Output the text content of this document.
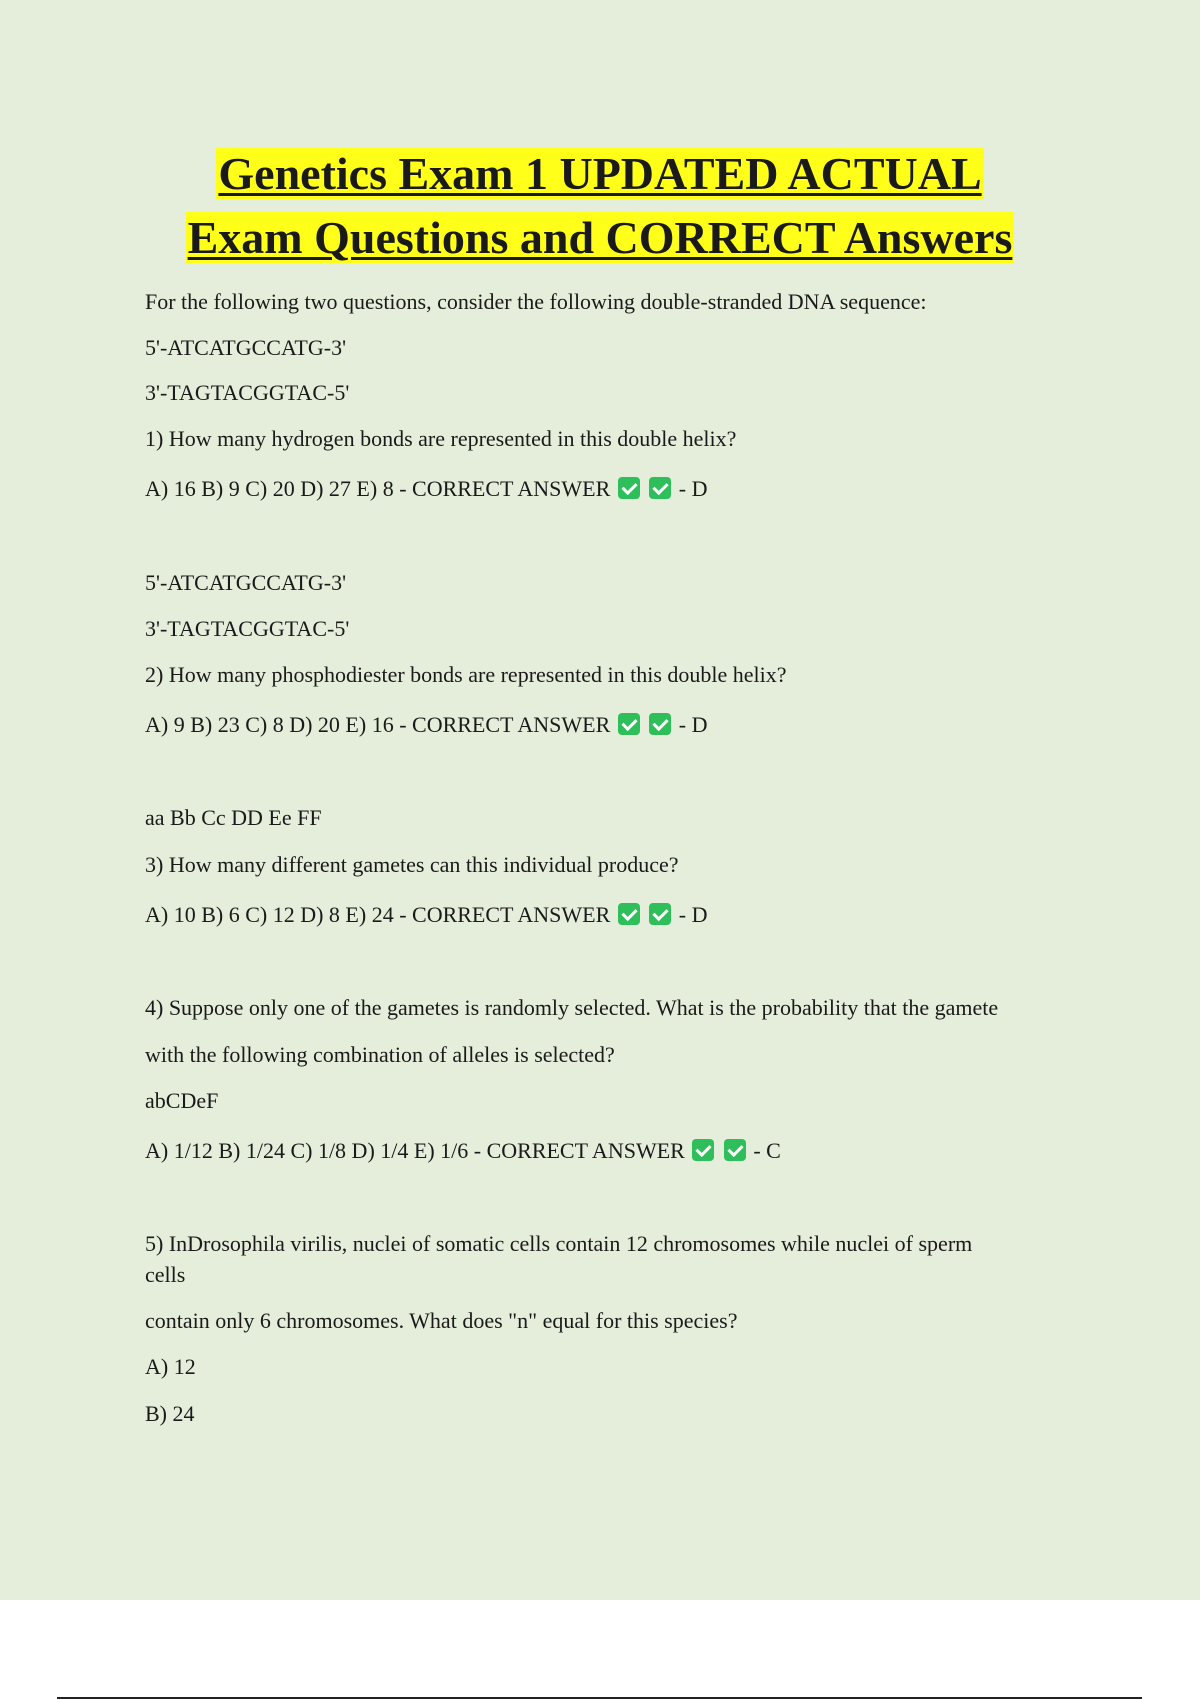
Genetics Exam 1 UPDATED ACTUAL
Exam Questions and CORRECT Answers
For the following two questions, consider the following double-stranded DNA sequence:
5'-ATCATGCCATG-3'
3'-TAGTACGGTAC-5'
1) How many hydrogen bonds are represented in this double helix?
A) 16 B) 9 C) 20 D) 27 E) 8 - CORRECT ANSWER	- D
5'-ATCATGCCATG-3'
3'-TAGTACGGTAC-5'
2) How many phosphodiester bonds are represented in this double helix?
A) 9 B) 23 C) 8 D) 20 E) 16 - CORRECT ANSWER	- D
aa Bb Cc DD Ee FF
3) How many different gametes can this individual produce?
A) 10 B) 6 C) 12 D) 8 E) 24 - CORRECT ANSWER	- D
4) Suppose only one of the gametes is randomly selected. What is the probability that the gamete
with the following combination of alleles is selected?
abCDeF
A) 1/12 B) 1/24 C) 1/8 D) 1/4 E) 1/6 - CORRECT ANSWER	- C
5) InDrosophila virilis, nuclei of somatic cells contain 12 chromosomes while nuclei of sperm
cells
contain only 6 chromosomes. What does "n" equal for this species?
A) 12
B) 24
